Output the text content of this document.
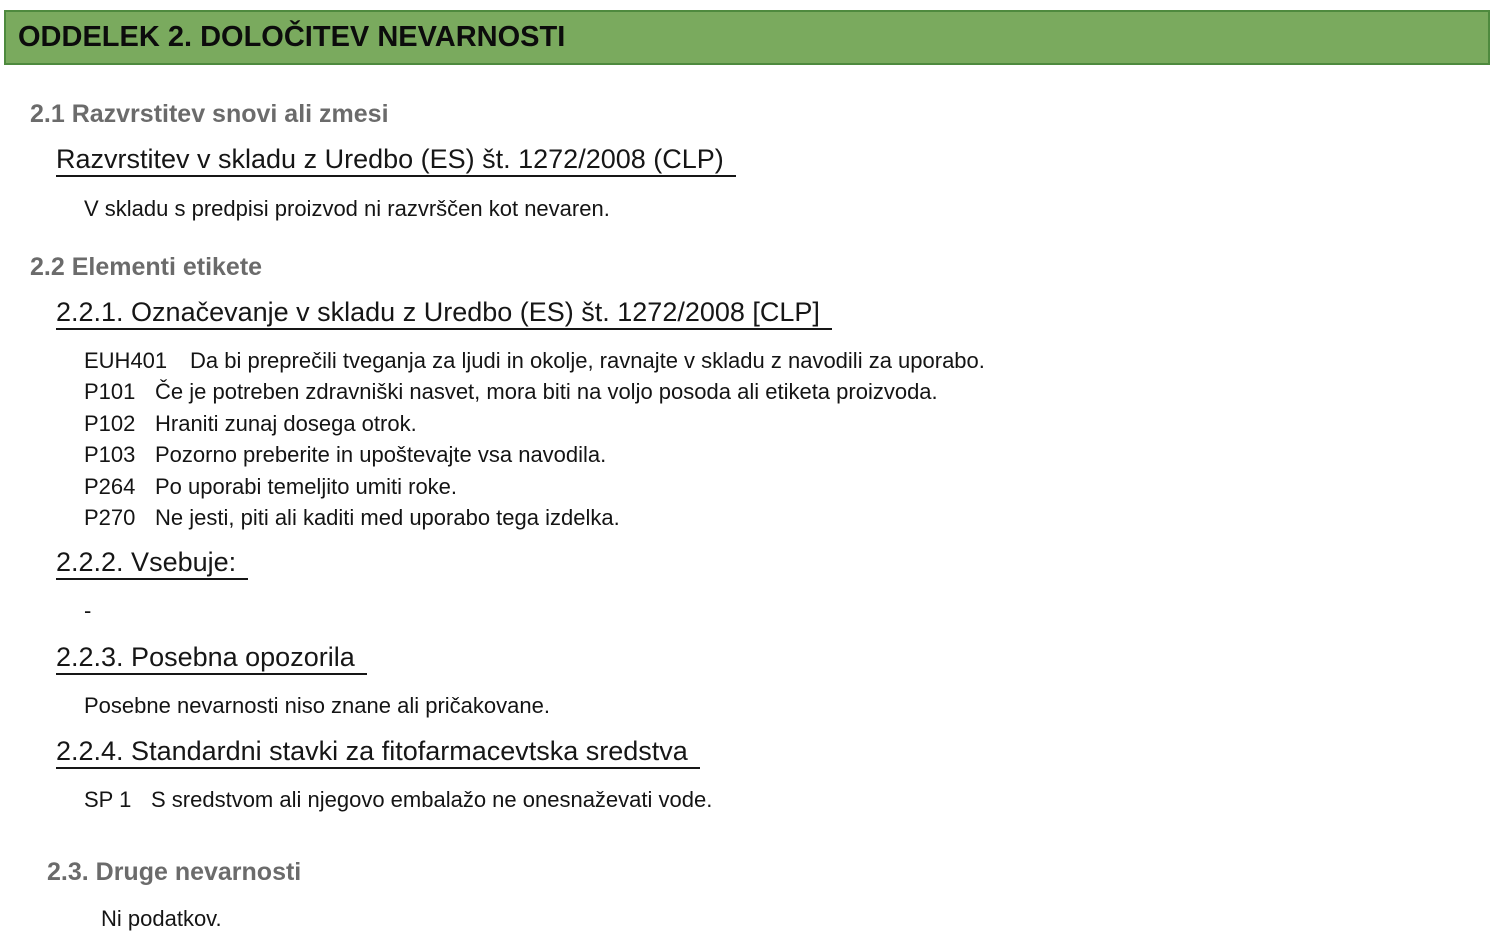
ODDELEK 2. DOLOČITEV NEVARNOSTI
2.1 Razvrstitev snovi ali zmesi
Razvrstitev v skladu z Uredbo (ES) št. 1272/2008 (CLP)
V skladu s predpisi proizvod ni razvrščen kot nevaren.
2.2 Elementi etikete
2.2.1. Označevanje v skladu z Uredbo (ES) št. 1272/2008 [CLP]
EUH401 Da bi preprečili tveganja za ljudi in okolje, ravnajte v skladu z navodili za uporabo.
P101 Če je potreben zdravniški nasvet, mora biti na voljo posoda ali etiketa proizvoda.
P102 Hraniti zunaj dosega otrok.
P103 Pozorno preberite in upoštevajte vsa navodila.
P264 Po uporabi temeljito umiti roke.
P270 Ne jesti, piti ali kaditi med uporabo tega izdelka.
2.2.2. Vsebuje:
-
2.2.3. Posebna opozorila
Posebne nevarnosti niso znane ali pričakovane.
2.2.4. Standardni stavki za fitofarmacevtska sredstva
SP 1 S sredstvom ali njegovo embalažo ne onesnaževati vode.
2.3. Druge nevarnosti
Ni podatkov.
